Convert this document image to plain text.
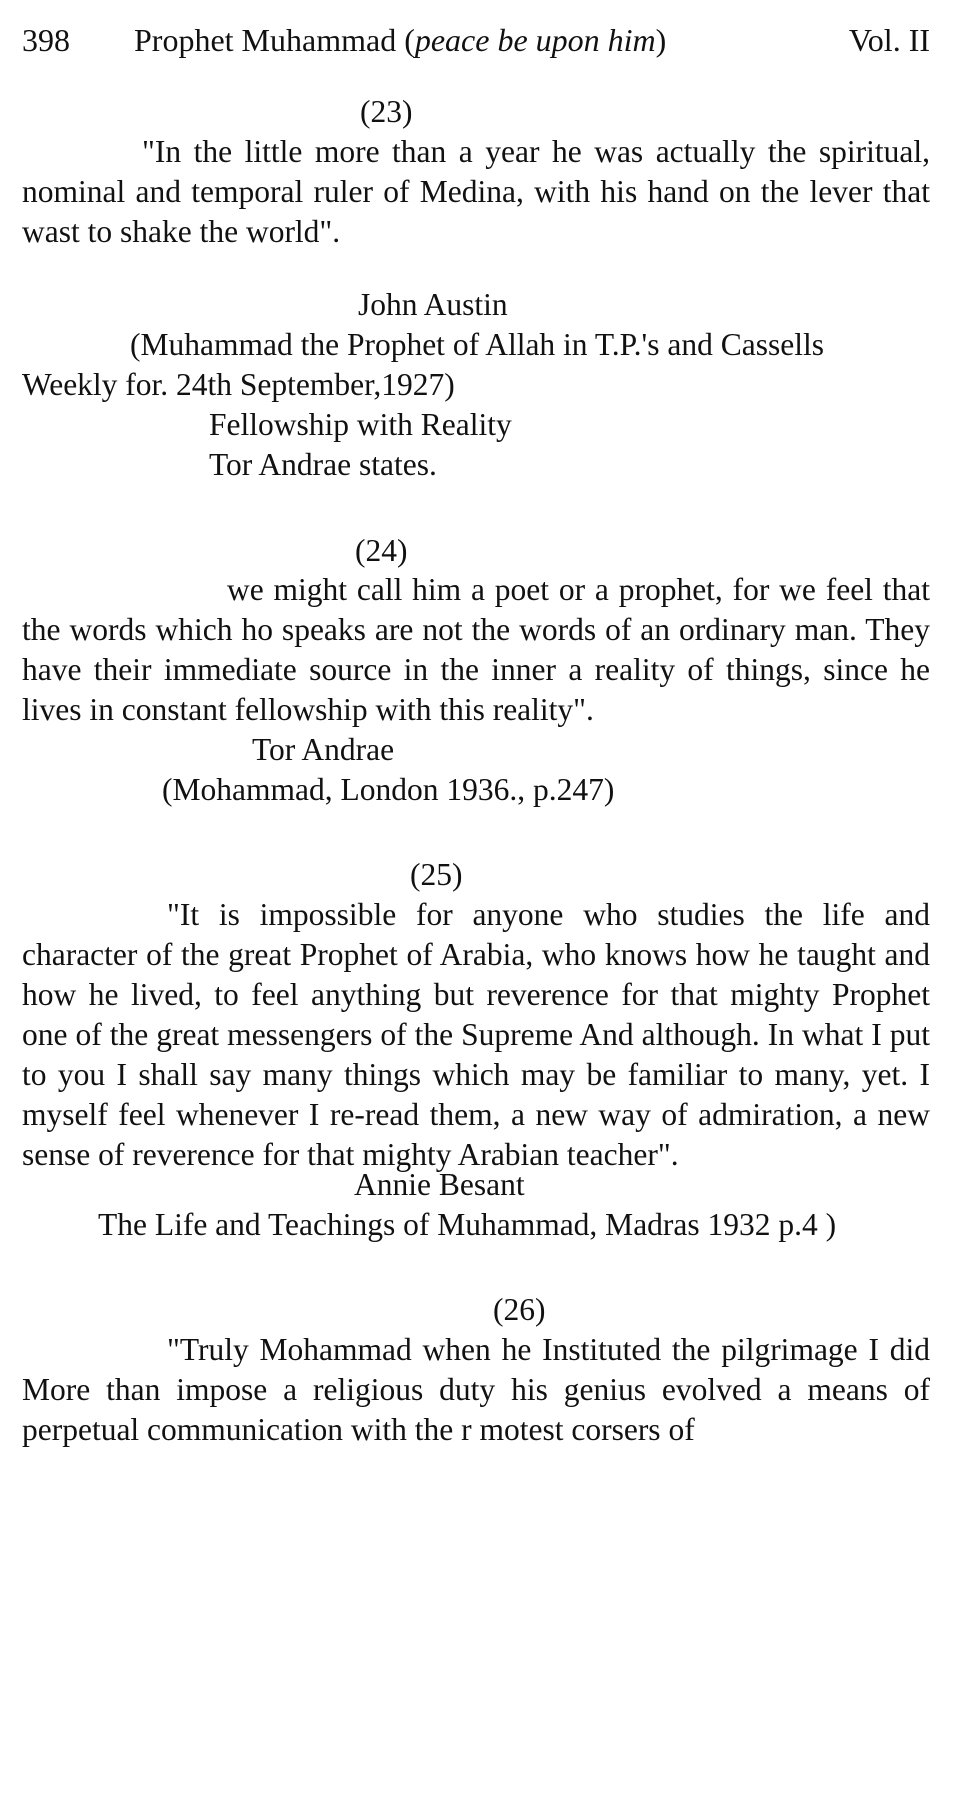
398 Prophet Muhammad (peace be upon him)	Vol. II
(23)
"In the little more than a year he was actually the spiritual, nominal and temporal ruler of Medina, with his hand on the lever that wast to shake the world".
John Austin
(Muhammad the Prophet of Allah in T.P.'s and Cassells
Weekly for. 24th September,1927)
Fellowship with Reality
Tor Andrae states.
(24)
we might call him a poet or a prophet, for we feel that the words which ho speaks are not the words of an ordinary man. They have their immediate source in the inner a reality of things, since he lives in constant fellowship with this reality".
Tor Andrae
(Mohammad, London 1936., p.247)
(25)
"It is impossible for anyone who studies the life and character of the great Prophet of Arabia, who knows how he taught and how he lived, to feel anything but reverence for that mighty Prophet one of the great messengers of the Supreme And although. In what I put to you I shall say many things which may be familiar to many, yet. I myself feel whenever I re-read them, a new way of admiration, a new sense of reverence for that mighty Arabian teacher".
Annie Besant
The Life and Teachings of Muhammad, Madras 1932 p.4 )
(26)
"Truly Mohammad when he Instituted the pilgrimage I did More than impose a religious duty his genius evolved a means of perpetual communication with the r motest corsers of
